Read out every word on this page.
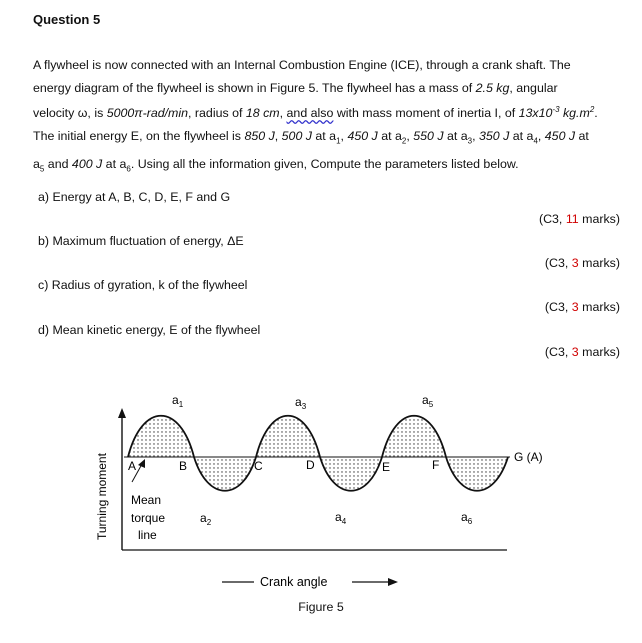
Question 5

A flywheel is now connected with an Internal Combustion Engine (ICE), through a crank shaft. The

energy diagram of the flywheel is shown in Figure 5. The flywheel has a mass of 2.5 kg, angular

velocity ω, is 5000π-rad/min, radius of 18 cm, and also with mass moment of inertia I, of $13x10^{-3}$ $kg.m^2$.

The initial energy E, on the flywheel is 850 J, 500 J at $a_1$, 450 J at $a_2$, 550 J at $a_3$, 350 J at $a_4$, 450 J at

$a_5$ and 400 J at $a_6$. Using all the information given, Compute the parameters listed below.

a) Energy at A, B, C, D, E, F and G
(C3, 11 marks)
b) Maximum fluctuation of energy, ΔE
(C3, 3 marks)
c) Radius of gyration, k of the flywheel
(C3, 3 marks)
d) Mean kinetic energy, E of the flywheel
(C3, 3 marks)
$a_1$
$a_2$
$a_3$
$a_4$
$a_5$
$a_6$
A	B	C	D	E	F
G (A)
Mean
torque
line
Turning moment
Crank angle
Figure 5
